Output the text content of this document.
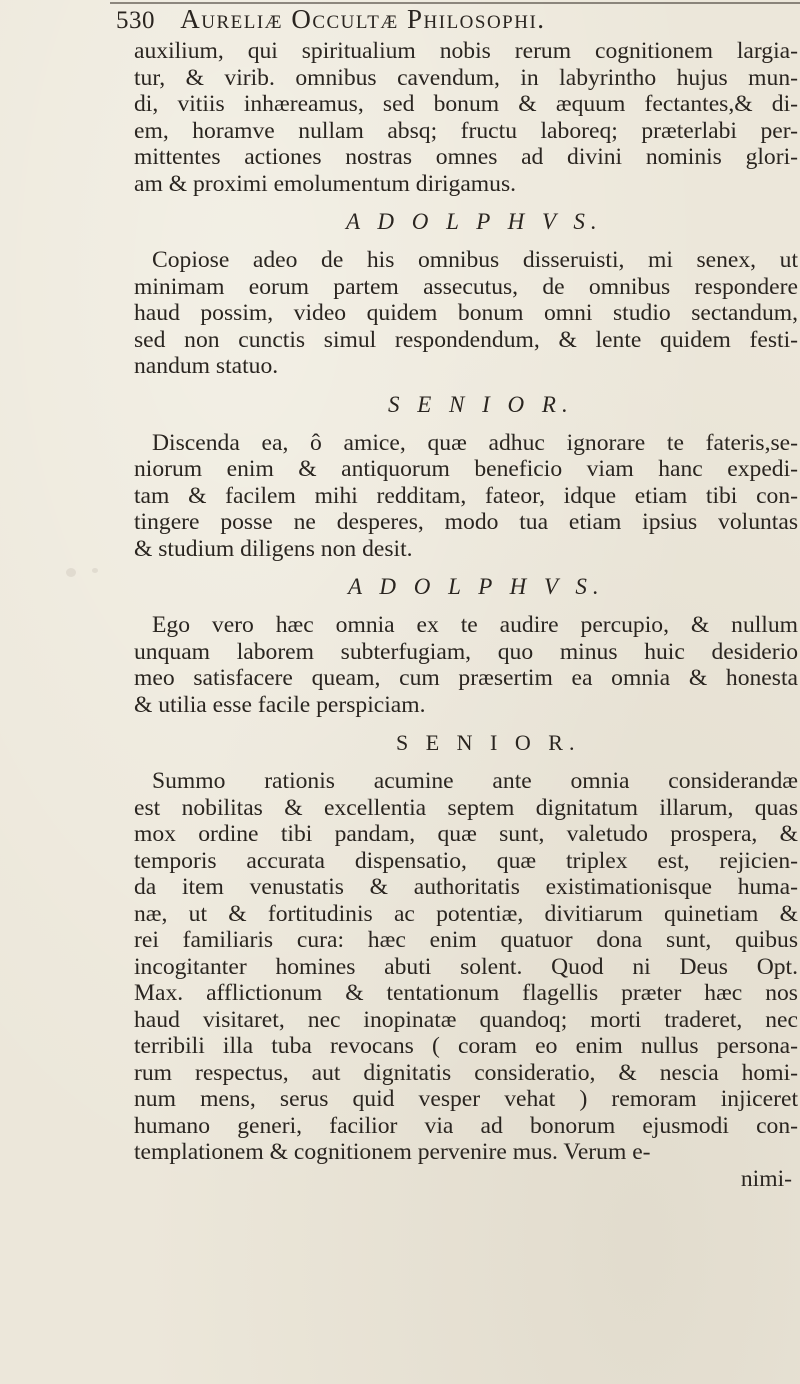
530 Aureliæ Occultæ Philosophi.
auxilium, qui spiritualium nobis rerum cognitionem largia-
tur, & virib. omnibus cavendum, in labyrintho hujus mun-
di, vitiis inhæreamus, sed bonum & æquum fectantes,& di-
em, horamve nullam absq; fructu laboreq; præterlabi per-
mittentes actiones nostras omnes ad divini nominis glori-
am & proximi emolumentum dirigamus.
A D O L P H V S.
Copiose adeo de his omnibus disseruisti, mi senex, ut
minimam eorum partem assecutus, de omnibus respondere
haud possim, video quidem bonum omni studio sectandum,
sed non cunctis simul respondendum, & lente quidem festi-
nandum statuo.
S E N I O R.
Discenda ea, ô amice, quæ adhuc ignorare te fateris,se-
niorum enim & antiquorum beneficio viam hanc expedi-
tam & facilem mihi redditam, fateor, idque etiam tibi con-
tingere posse ne desperes, modo tua etiam ipsius voluntas
& studium diligens non desit.
A D O L P H V S.
Ego vero hæc omnia ex te audire percupio, & nullum
unquam laborem subterfugiam, quo minus huic desiderio
meo satisfacere queam, cum præsertim ea omnia & honesta
& utilia esse facile perspiciam.
S E N I O R.
Summo rationis acumine ante omnia considerandæ
est nobilitas & excellentia septem dignitatum illarum, quas
mox ordine tibi pandam, quæ sunt, valetudo prospera, &
temporis accurata dispensatio, quæ triplex est, rejicien-
da item venustatis & authoritatis existimationisque huma-
næ, ut & fortitudinis ac potentiæ, divitiarum quinetiam &
rei familiaris cura: hæc enim quatuor dona sunt, quibus
incogitanter homines abuti solent. Quod ni Deus Opt.
Max. afflictionum & tentationum flagellis præter hæc nos
haud visitaret, nec inopinatæ quandoq; morti traderet, nec
terribili illa tuba revocans ( coram eo enim nullus persona-
rum respectus, aut dignitatis consideratio, & nescia homi-
num mens, serus quid vesper vehat ) remoram injiceret
humano generi, facilior via ad bonorum ejusmodi con-
templationem & cognitionem pervenire mus. Verum e-
nimi-
